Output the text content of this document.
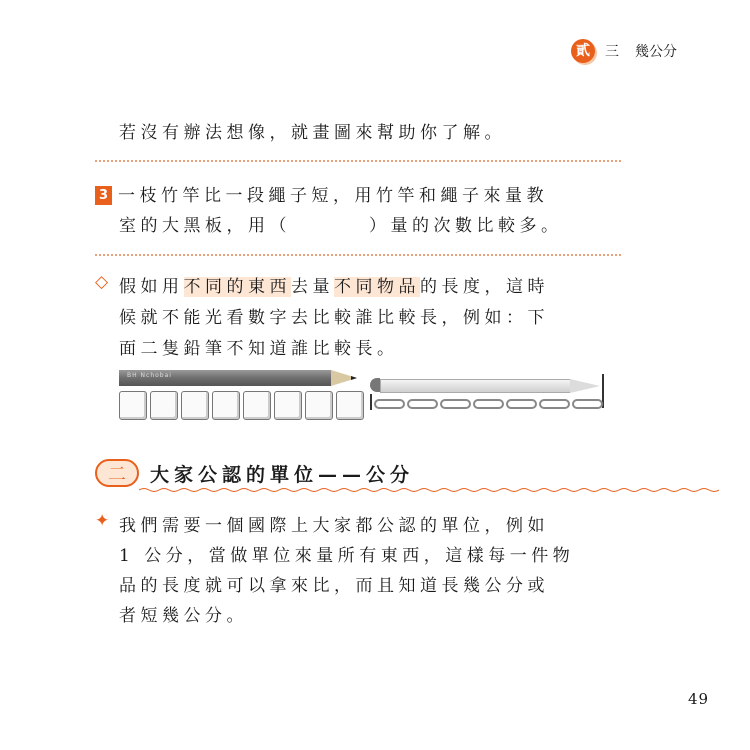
貳	三 幾公分
若沒有辦法想像，就畫圖來幫助你了解。
3 一枝竹竿比一段繩子短，用竹竿和繩子來量教
室的大黑板，用（	）量的次數比較多。
◇ 假如用不同的東西去量不同物品的長度，這時
候就不能光看數字去比較誰比較長，例如：下
面二隻鉛筆不知道誰比較長。
BH Nchobai
二	大家公認的單位——公分
✦ 我們需要一個國際上大家都公認的單位，例如
1 公分，當做單位來量所有東西，這樣每一件物
品的長度就可以拿來比，而且知道長幾公分或
者短幾公分。
49
